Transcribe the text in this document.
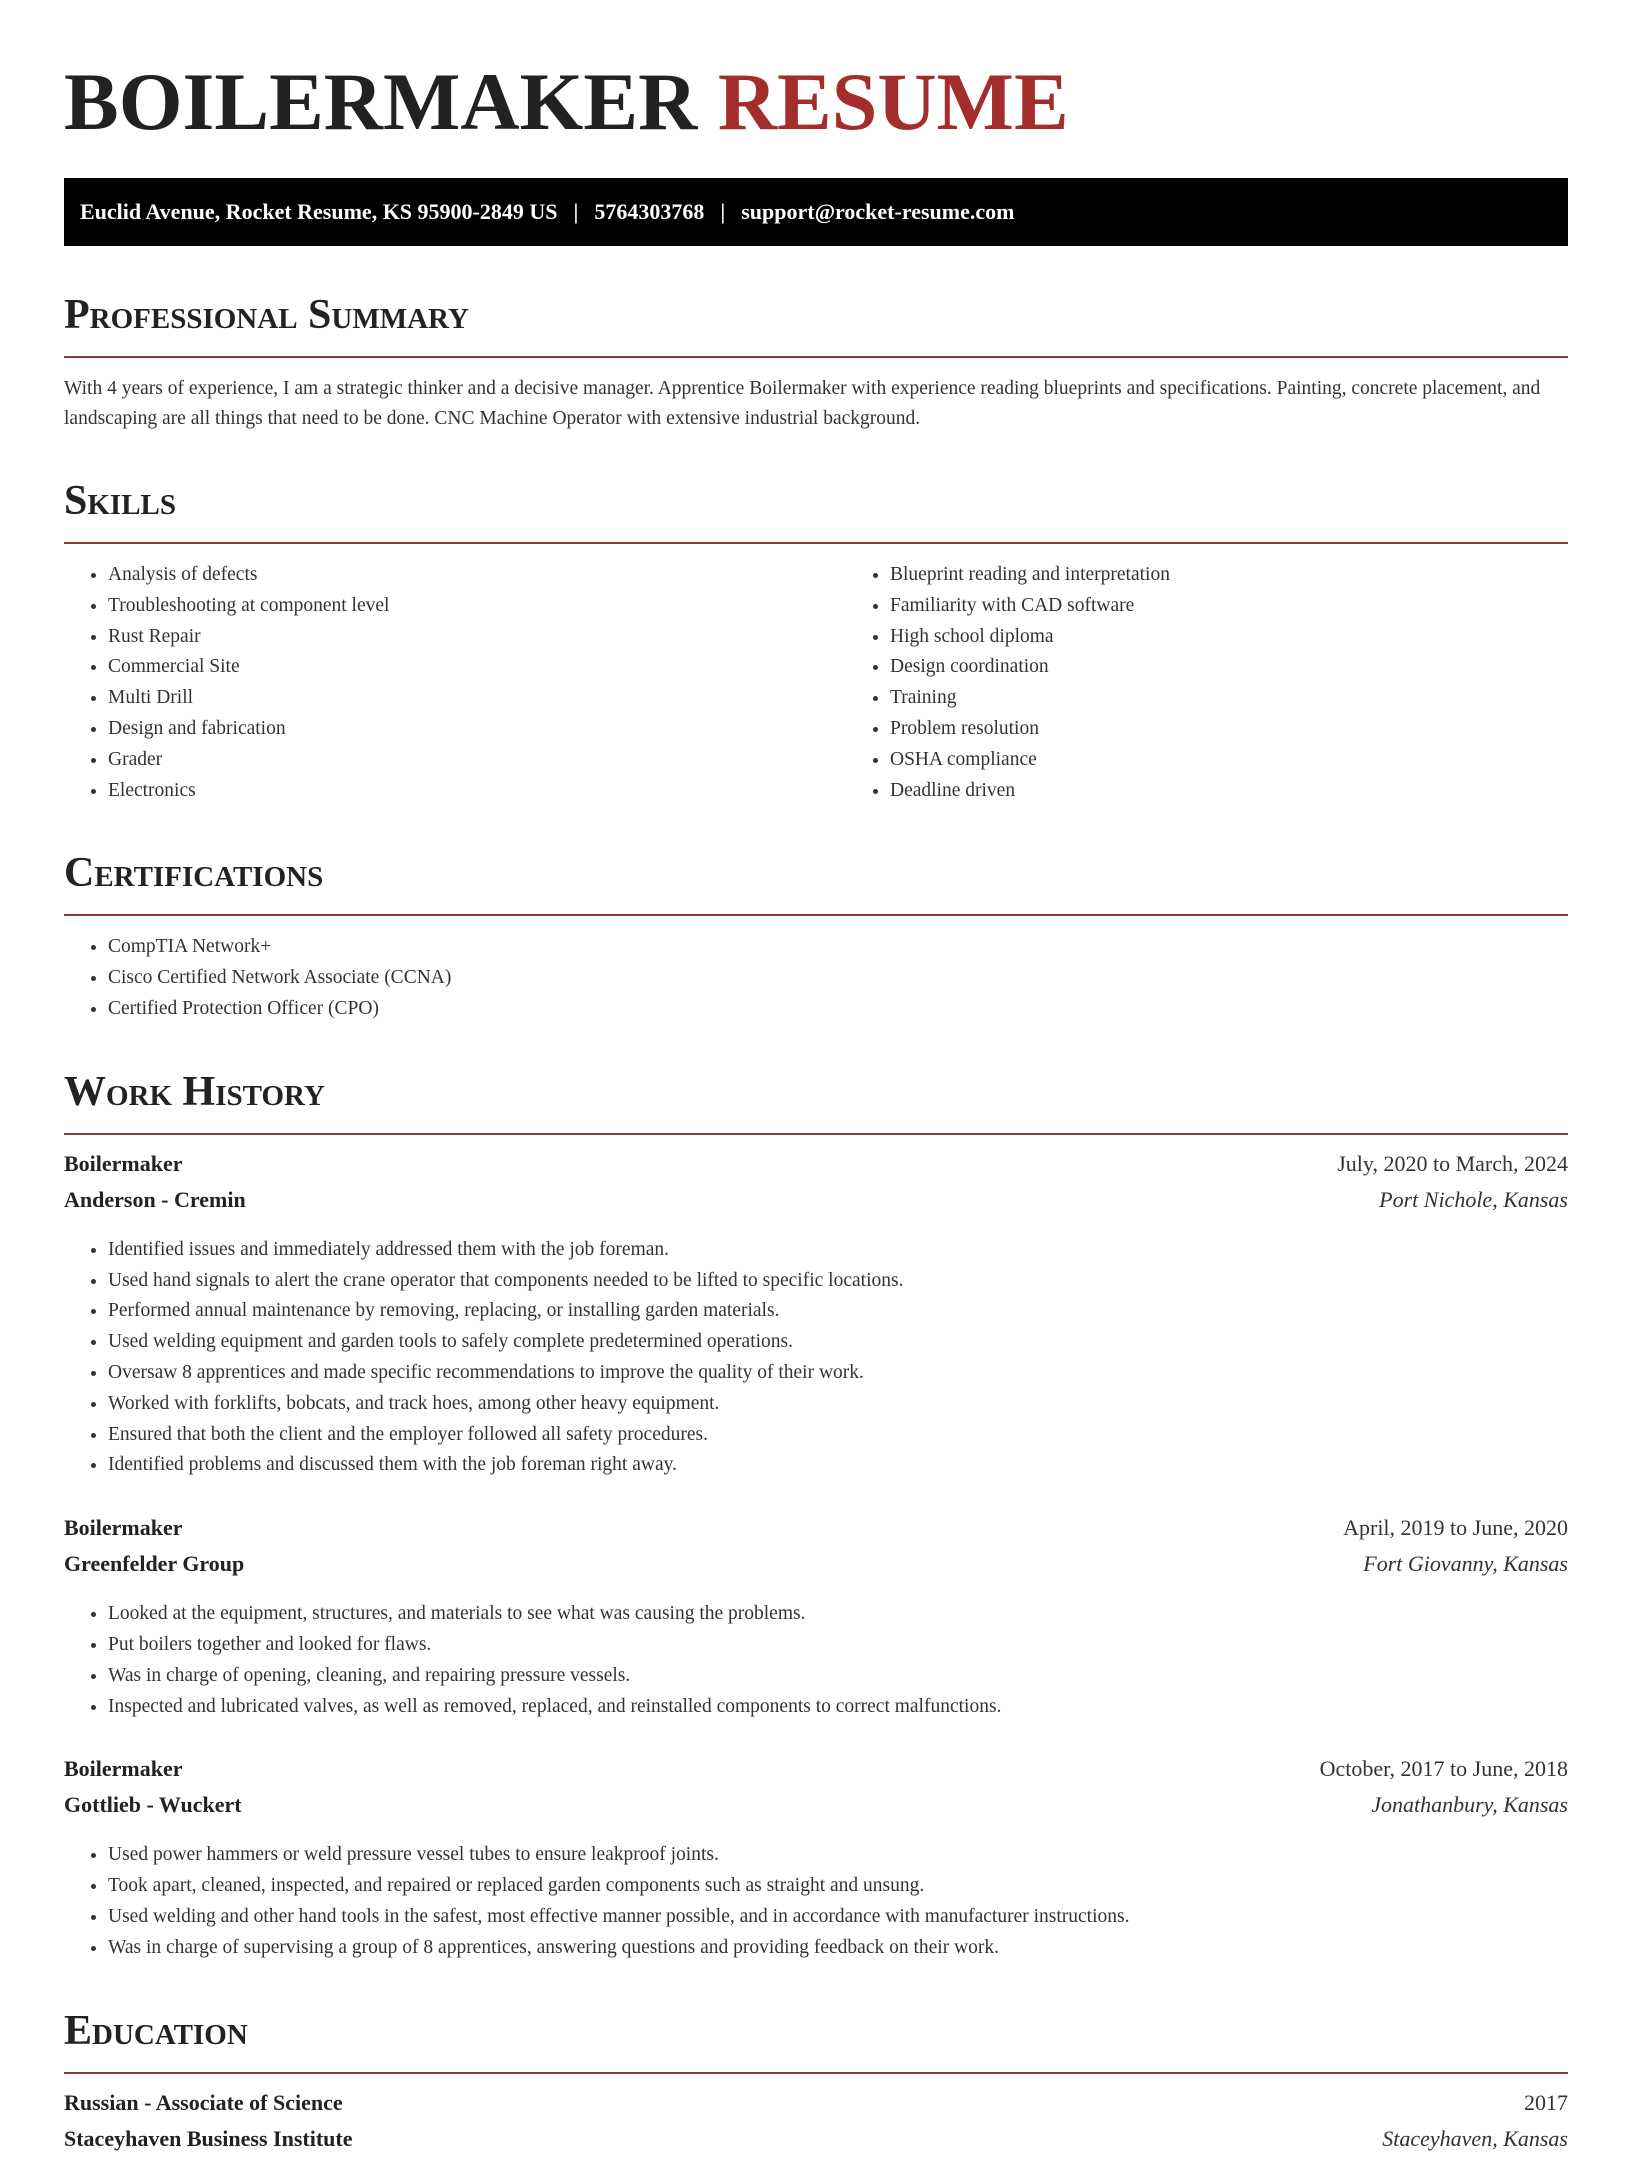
BOILERMAKER RESUME
Euclid Avenue, Rocket Resume, KS 95900-2849 US | 5764303768 | support@rocket-resume.com
Professional Summary

With 4 years of experience, I am a strategic thinker and a decisive manager. Apprentice Boilermaker with experience reading blueprints and specifications. Painting, concrete placement, and landscaping are all things that need to be done. CNC Machine Operator with extensive industrial background.

Skills
• Analysis of defects
• Troubleshooting at component level
• Rust Repair
• Commercial Site
• Multi Drill
• Design and fabrication
• Grader
• Electronics
• Blueprint reading and interpretation
• Familiarity with CAD software
• High school diploma
• Design coordination
• Training
• Problem resolution
• OSHA compliance
• Deadline driven
Certifications
• CompTIA Network+
• Cisco Certified Network Associate (CCNA)
• Certified Protection Officer (CPO)
Work History
Boilermaker	July, 2020 to March, 2024
Anderson - Cremin	Port Nichole, Kansas
• Identified issues and immediately addressed them with the job foreman.
• Used hand signals to alert the crane operator that components needed to be lifted to specific locations.
• Performed annual maintenance by removing, replacing, or installing garden materials.
• Used welding equipment and garden tools to safely complete predetermined operations.
• Oversaw 8 apprentices and made specific recommendations to improve the quality of their work.
• Worked with forklifts, bobcats, and track hoes, among other heavy equipment.
• Ensured that both the client and the employer followed all safety procedures.
• Identified problems and discussed them with the job foreman right away.
Boilermaker	April, 2019 to June, 2020
Greenfelder Group	Fort Giovanny, Kansas
• Looked at the equipment, structures, and materials to see what was causing the problems.
• Put boilers together and looked for flaws.
• Was in charge of opening, cleaning, and repairing pressure vessels.
• Inspected and lubricated valves, as well as removed, replaced, and reinstalled components to correct malfunctions.
Boilermaker	October, 2017 to June, 2018
Gottlieb - Wuckert	Jonathanbury, Kansas
• Used power hammers or weld pressure vessel tubes to ensure leakproof joints.
• Took apart, cleaned, inspected, and repaired or replaced garden components such as straight and unsung.
• Used welding and other hand tools in the safest, most effective manner possible, and in accordance with manufacturer instructions.
• Was in charge of supervising a group of 8 apprentices, answering questions and providing feedback on their work.
Education
Russian - Associate of Science	2017
Staceyhaven Business Institute	Staceyhaven, Kansas
